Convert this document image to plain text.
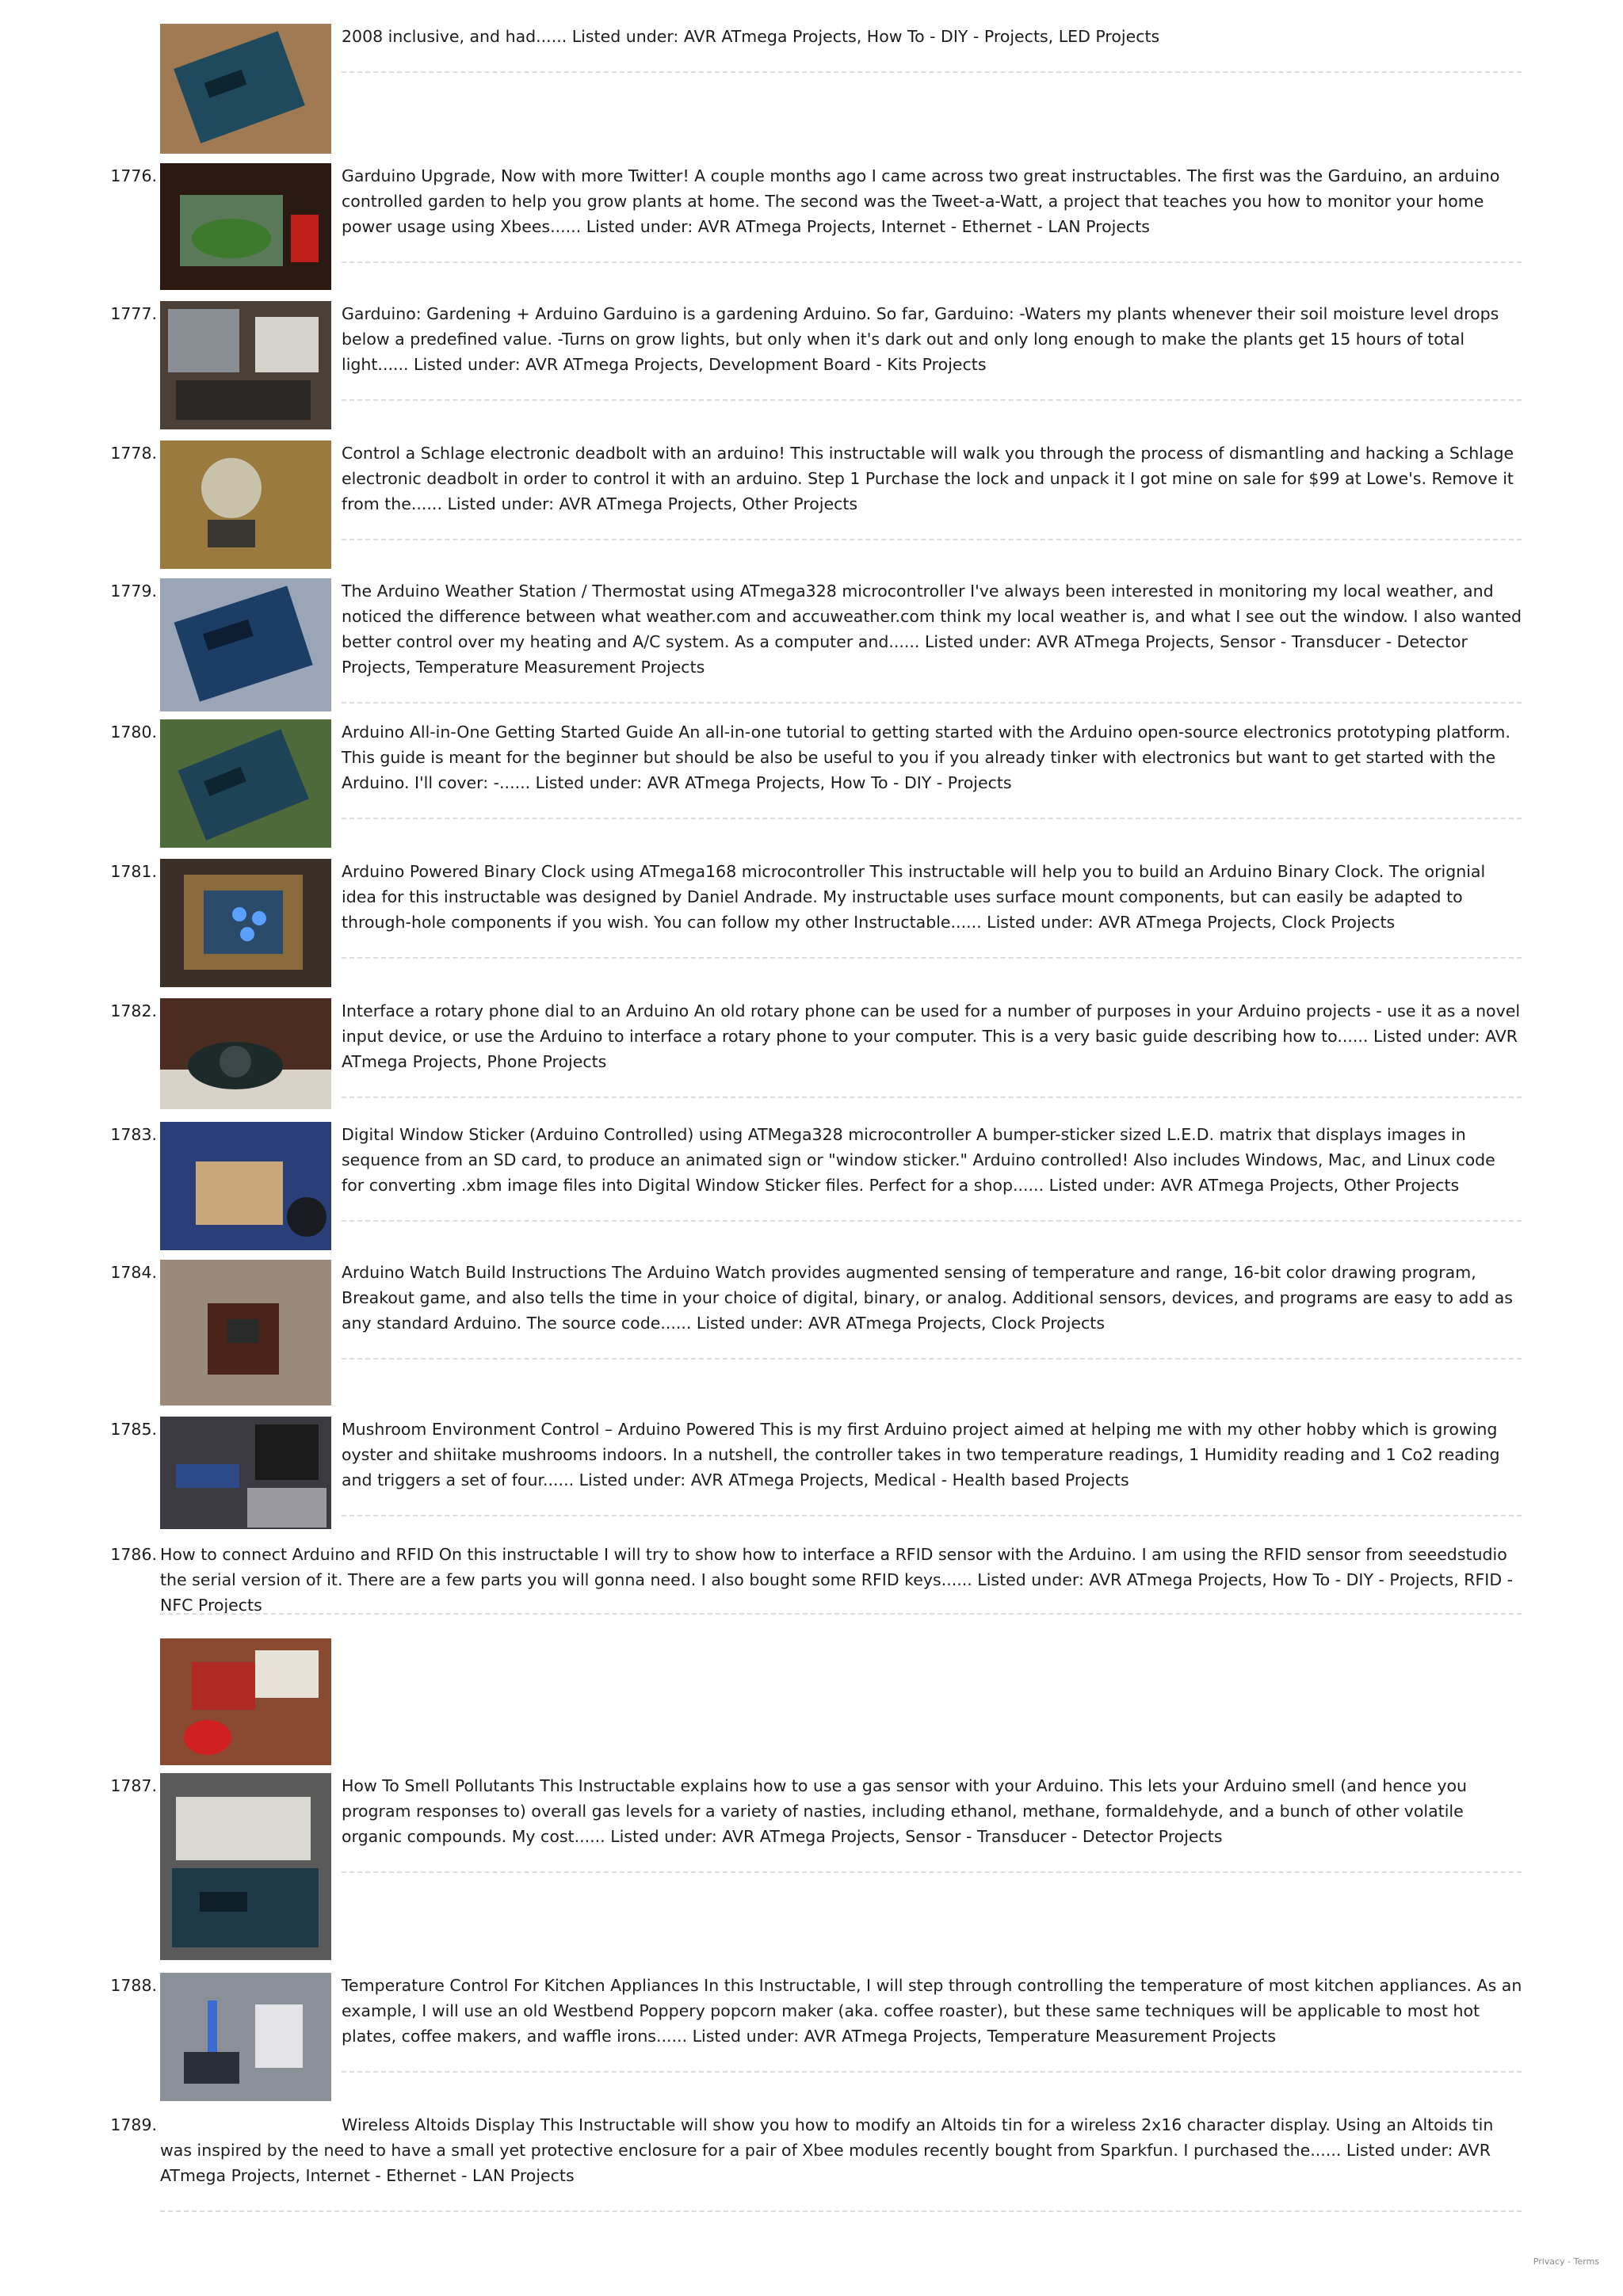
2008 inclusive, and had...... Listed under: AVR ATmega Projects, How To - DIY - Projects, LED Projects

1776.	Garduino Upgrade, Now with more Twitter! A couple months ago I came across two great instructables. The first was the Garduino, an arduino controlled garden to help you grow plants at home. The second was the Tweet-a-Watt, a project that teaches you how to monitor your home power usage using Xbees...... Listed under: AVR ATmega Projects, Internet - Ethernet - LAN Projects

1777.	Garduino: Gardening + Arduino Garduino is a gardening Arduino. So far, Garduino: -Waters my plants whenever their soil moisture level drops below a predefined value. -Turns on grow lights, but only when it's dark out and only long enough to make the plants get 15 hours of total light...... Listed under: AVR ATmega Projects, Development Board - Kits Projects

1778.	Control a Schlage electronic deadbolt with an arduino! This instructable will walk you through the process of dismantling and hacking a Schlage electronic deadbolt in order to control it with an arduino. Step 1 Purchase the lock and unpack it I got mine on sale for $99 at Lowe's. Remove it from the...... Listed under: AVR ATmega Projects, Other Projects

1779.	The Arduino Weather Station / Thermostat using ATmega328 microcontroller I've always been interested in monitoring my local weather, and noticed the difference between what weather.com and accuweather.com think my local weather is, and what I see out the window. I also wanted better control over my heating and A/C system. As a computer and...... Listed under: AVR ATmega Projects, Sensor - Transducer - Detector Projects, Temperature Measurement Projects

1780.	Arduino All-in-One Getting Started Guide An all-in-one tutorial to getting started with the Arduino open-source electronics prototyping platform. This guide is meant for the beginner but should be also be useful to you if you already tinker with electronics but want to get started with the Arduino. I'll cover: -...... Listed under: AVR ATmega Projects, How To - DIY - Projects

1781.	Arduino Powered Binary Clock using ATmega168 microcontroller This instructable will help you to build an Arduino Binary Clock. The orignial idea for this instructable was designed by Daniel Andrade. My instructable uses surface mount components, but can easily be adapted to through-hole components if you wish. You can follow my other Instructable...... Listed under: AVR ATmega Projects, Clock Projects

1782.	Interface a rotary phone dial to an Arduino An old rotary phone can be used for a number of purposes in your Arduino projects - use it as a novel input device, or use the Arduino to interface a rotary phone to your computer. This is a very basic guide describing how to...... Listed under: AVR ATmega Projects, Phone Projects

1783.	Digital Window Sticker (Arduino Controlled) using ATMega328 microcontroller A bumper-sticker sized L.E.D. matrix that displays images in sequence from an SD card, to produce an animated sign or "window sticker." Arduino controlled! Also includes Windows, Mac, and Linux code for converting .xbm image files into Digital Window Sticker files. Perfect for a shop...... Listed under: AVR ATmega Projects, Other Projects

1784.	Arduino Watch Build Instructions The Arduino Watch provides augmented sensing of temperature and range, 16-bit color drawing program, Breakout game, and also tells the time in your choice of digital, binary, or analog. Additional sensors, devices, and programs are easy to add as any standard Arduino. The source code...... Listed under: AVR ATmega Projects, Clock Projects

1785.	Mushroom Environment Control – Arduino Powered This is my first Arduino project aimed at helping me with my other hobby which is growing oyster and shiitake mushrooms indoors. In a nutshell, the controller takes in two temperature readings, 1 Humidity reading and 1 Co2 reading and triggers a set of four...... Listed under: AVR ATmega Projects, Medical - Health based Projects

1786. How to connect Arduino and RFID On this instructable I will try to show how to interface a RFID sensor with the Arduino. I am using the RFID sensor from seeedstudio the serial version of it. There are a few parts you will gonna need. I also bought some RFID keys...... Listed under: AVR ATmega Projects, How To - DIY - Projects, RFID - NFC Projects

1787.	How To Smell Pollutants This Instructable explains how to use a gas sensor with your Arduino. This lets your Arduino smell (and hence you program responses to) overall gas levels for a variety of nasties, including ethanol, methane, formaldehyde, and a bunch of other volatile organic compounds. My cost...... Listed under: AVR ATmega Projects, Sensor - Transducer - Detector Projects

1788.	Temperature Control For Kitchen Appliances In this Instructable, I will step through controlling the temperature of most kitchen appliances. As an example, I will use an old Westbend Poppery popcorn maker (aka. coffee roaster), but these same techniques will be applicable to most hot plates, coffee makers, and waffle irons...... Listed under: AVR ATmega Projects, Temperature Measurement Projects

1789.	Wireless Altoids Display This Instructable will show you how to modify an Altoids tin for a wireless 2x16 character display. Using an Altoids tin was inspired by the need to have a small yet protective enclosure for a pair of Xbee modules recently bought from Sparkfun. I purchased the...... Listed under: AVR ATmega Projects, Internet - Ethernet - LAN Projects

Privacy - Terms
